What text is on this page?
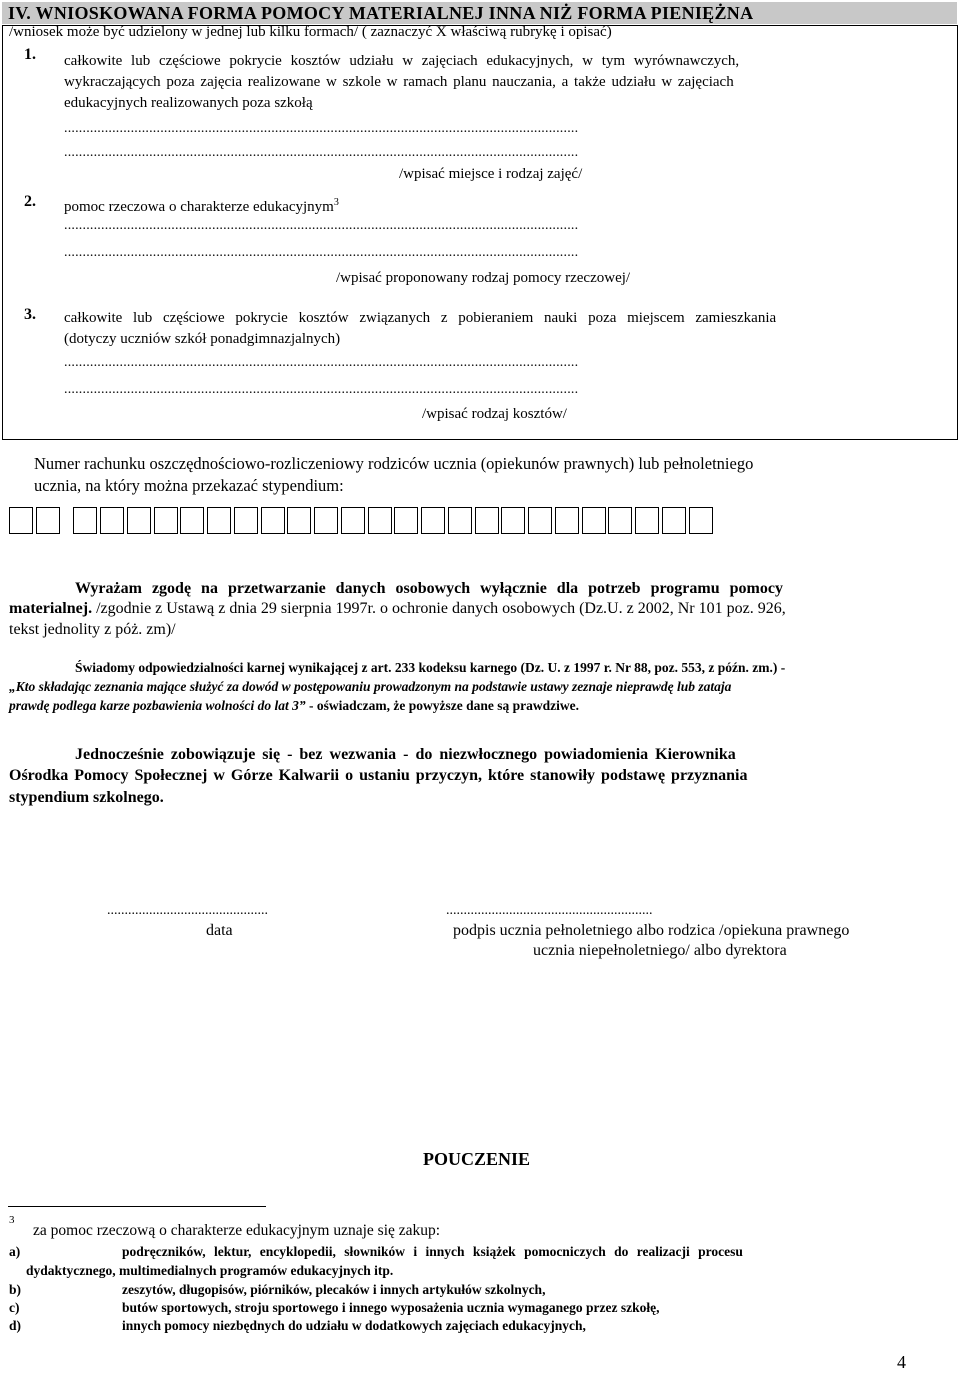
IV. WNIOSKOWANA FORMA POMOCY MATERIALNEJ INNA NIŻ FORMA PIENIĘŻNA
/wniosek może być udzielony w jednej lub kilku formach/ ( zaznaczyć X właściwą rubrykę i opisać)
1. całkowite lub częściowe pokrycie kosztów udziału w zajęciach edukacyjnych, w tym wyrównawczych,
wykraczających poza zajęcia realizowane w szkole w ramach planu nauczania, a także udziału w zajęciach
edukacyjnych realizowanych poza szkołą
...........................................................................................................................................
...........................................................................................................................................
/wpisać miejsce i rodzaj zajęć/
2. pomoc rzeczowa o charakterze edukacyjnym$^3$
...........................................................................................................................................
...........................................................................................................................................
/wpisać proponowany rodzaj pomocy rzeczowej/
3. całkowite lub częściowe pokrycie kosztów związanych z pobieraniem nauki poza miejscem zamieszkania
(dotyczy uczniów szkół ponadgimnazjalnych)
...........................................................................................................................................
...........................................................................................................................................
/wpisać rodzaj kosztów/
Numer rachunku oszczędnościowo-rozliczeniowy rodziców ucznia (opiekunów prawnych) lub pełnoletniego
ucznia, na który można przekazać stypendium:
Wyrażam zgodę na przetwarzanie danych osobowych wyłącznie dla potrzeb programu pomocy
materialnej. /zgodnie z Ustawą z dnia 29 sierpnia 1997r. o ochronie danych osobowych (Dz.U. z 2002, Nr 101 poz. 926,
tekst jednolity z póż. zm)/
Świadomy odpowiedzialności karnej wynikającej z art. 233 kodeksu karnego (Dz. U. z 1997 r. Nr 88, poz. 553, z późn. zm.) -
„Kto składając zeznania mające służyć za dowód w postępowaniu prowadzonym na podstawie ustawy zeznaje nieprawdę lub zataja
prawdę podlega karze pozbawienia wolności do lat 3” - oświadczam, że powyższe dane są prawdziwe.
Jednocześnie zobowiązuje się - bez wezwania - do niezwłocznego powiadomienia Kierownika
Ośrodka Pomocy Społecznej w Górze Kalwarii o ustaniu przyczyn, które stanowiły podstawę przyznania
stypendium szkolnego.
..............................................
data
...........................................................
podpis ucznia pełnoletniego albo rodzica /opiekuna prawnego
ucznia niepełnoletniego/ albo dyrektora
POUCZENIE
3
za pomoc rzeczową o charakterze edukacyjnym uznaje się zakup:
a)	podręczników, lektur, encyklopedii, słowników i innych książek pomocniczych do realizacji procesu
dydaktycznego, multimedialnych programów edukacyjnych itp.
b)	zeszytów, długopisów, piórników, plecaków i innych artykułów szkolnych,
c)	butów sportowych, stroju sportowego i innego wyposażenia ucznia wymaganego przez szkołę,
d)	innych pomocy niezbędnych do udziału w dodatkowych zajęciach edukacyjnych,
4
